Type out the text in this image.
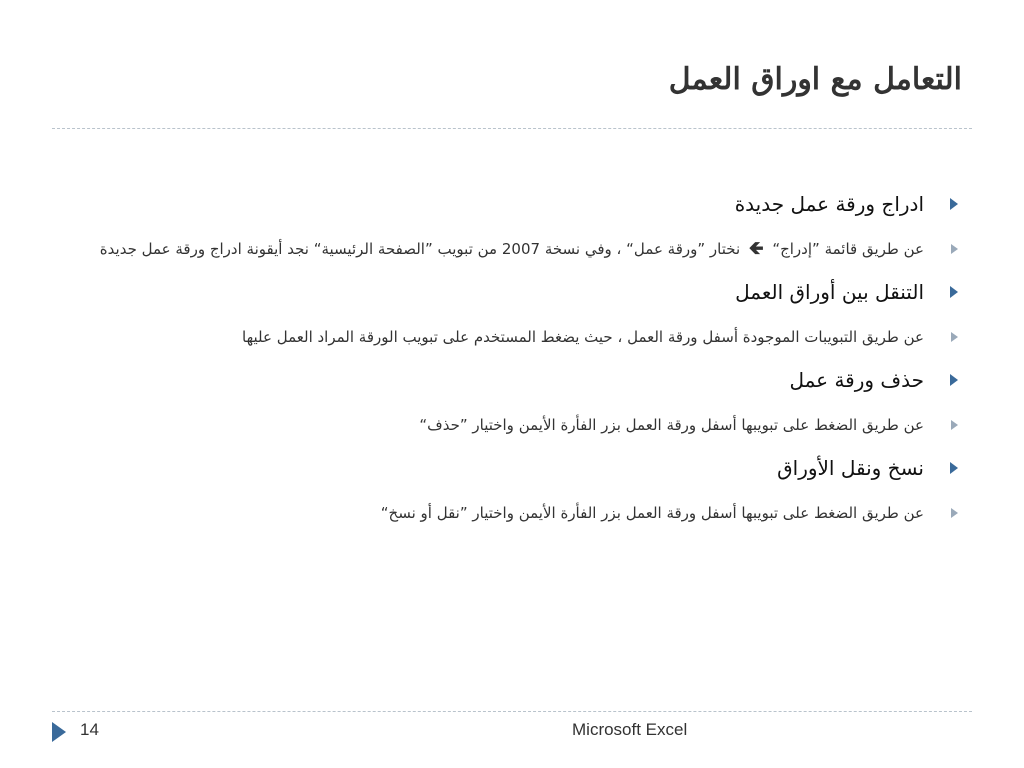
التعامل مع اوراق العمل
ادراج ورقة عمل جديدة
عن طريق قائمة ”إدراج“ 🡸 نختار ”ورقة عمل“ ، وفي نسخة 2007 من تبويب ”الصفحة الرئيسية“ نجد أيقونة ادراج ورقة عمل جديدة
التنقل بين أوراق العمل
عن طريق التبويبات الموجودة أسفل ورقة العمل ، حيث يضغط المستخدم على تبويب الورقة المراد العمل عليها
حذف ورقة عمل
عن طريق الضغط على تبويبها أسفل ورقة العمل بزر الفأرة الأيمن واختيار ”حذف“
نسخ ونقل الأوراق
عن طريق الضغط على تبويبها أسفل ورقة العمل بزر الفأرة الأيمن واختيار ”نقل أو نسخ“
14	Microsoft Excel
